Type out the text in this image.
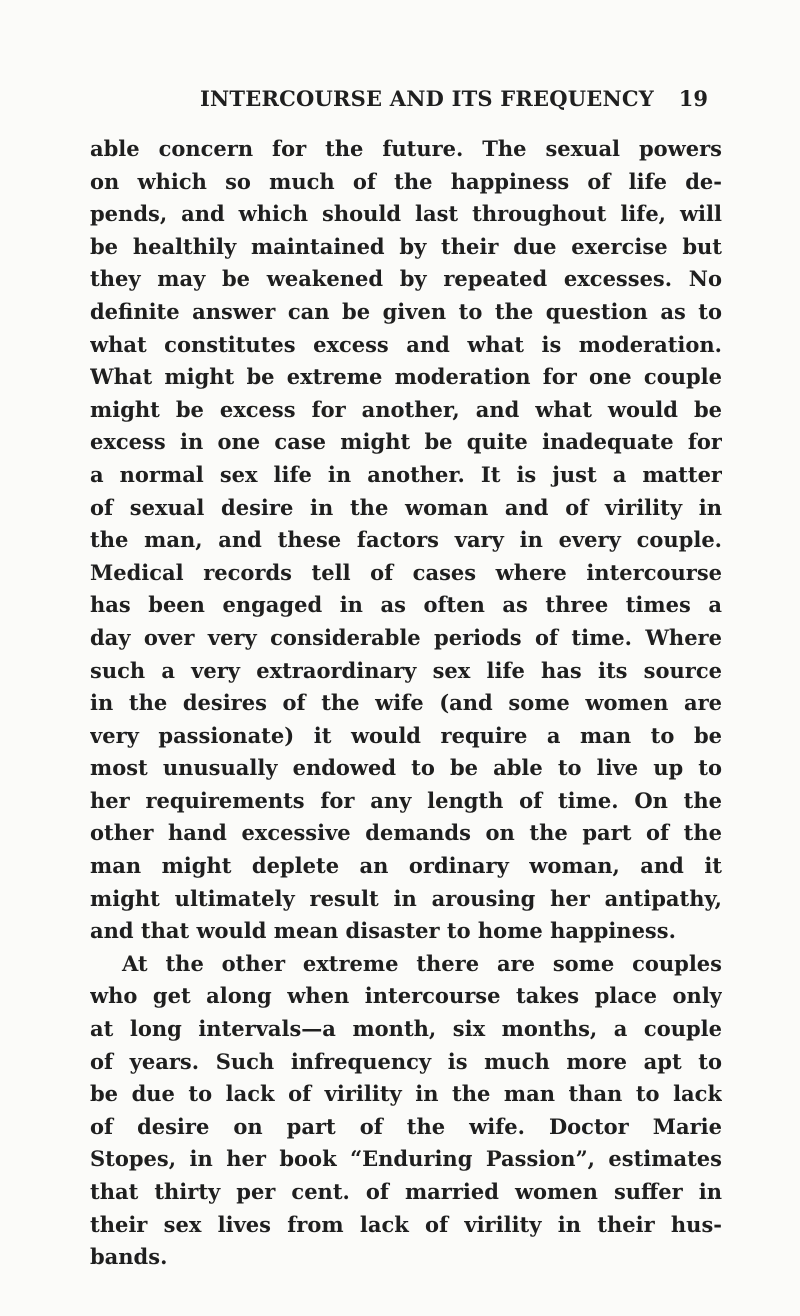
INTERCOURSE AND ITS FREQUENCY 19
able concern for the future. The sexual powers
on which so much of the happiness of life de-
pends, and which should last throughout life, will
be healthily maintained by their due exercise but
they may be weakened by repeated excesses. No
definite answer can be given to the question as to
what constitutes excess and what is moderation.
What might be extreme moderation for one couple
might be excess for another, and what would be
excess in one case might be quite inadequate for
a normal sex life in another. It is just a matter
of sexual desire in the woman and of virility in
the man, and these factors vary in every couple.
Medical records tell of cases where intercourse
has been engaged in as often as three times a
day over very considerable periods of time. Where
such a very extraordinary sex life has its source
in the desires of the wife (and some women are
very passionate) it would require a man to be
most unusually endowed to be able to live up to
her requirements for any length of time. On the
other hand excessive demands on the part of the
man might deplete an ordinary woman, and it
might ultimately result in arousing her antipathy,
and that would mean disaster to home happiness.
At the other extreme there are some couples
who get along when intercourse takes place only
at long intervals—a month, six months, a couple
of years. Such infrequency is much more apt to
be due to lack of virility in the man than to lack
of desire on part of the wife. Doctor Marie
Stopes, in her book “Enduring Passion”, estimates
that thirty per cent. of married women suffer in
their sex lives from lack of virility in their hus-
bands.
